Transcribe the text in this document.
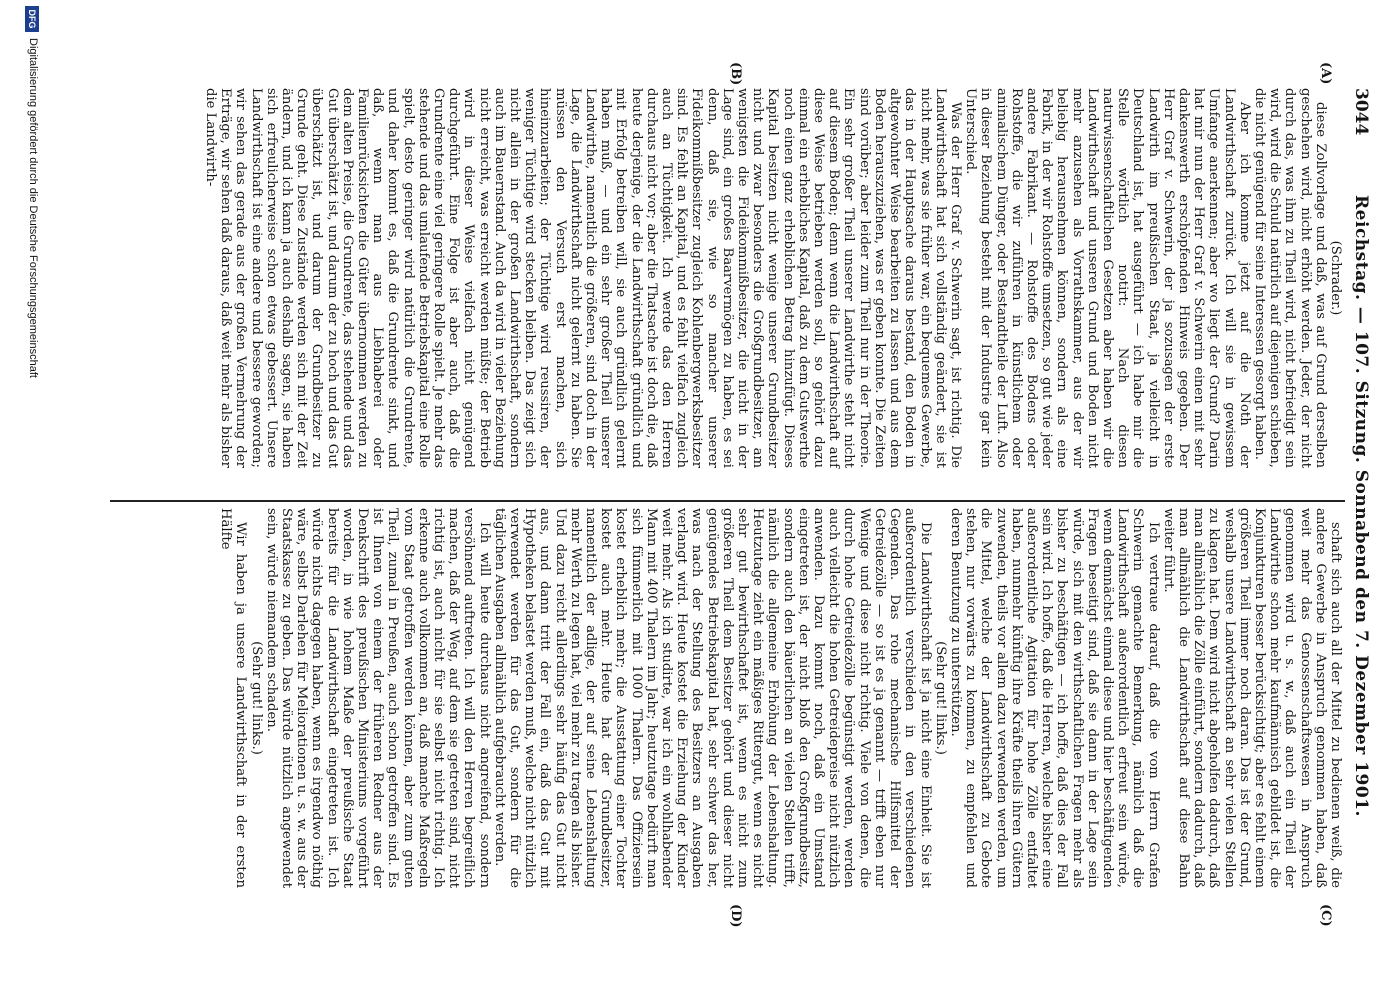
3044
Reichstag. — 107. Sitzung. Sonnabend den 7. Dezember 1901.

(Schrader.)

diese Zollvorlage und daß, was auf Grund derselben geschehen wird, nicht erhöht werden. Jeder, der nicht durch das, was ihm zu Theil wird, nicht befriedigt sein wird, wird die Schuld natürlich auf diejenigen schieben, die nicht genügend für seine Interessen gesorgt haben.

Aber ich komme jetzt auf die Noth der Landwirthschaft zurück. Ich will sie in gewissem Umfange anerkennen; aber wo liegt der Grund? Darin hat mir nun der Herr Graf v. Schwerin einen mit sehr dankenswerth erschöpfenden Hinweis gegeben. Der Herr Graf v. Schwerin, der ja sozusagen der erste Landwirth im preußischen Staat, ja vielleicht in Deutschland ist, hat ausgeführt — ich habe mir die Stelle wörtlich notirt: Nach diesen naturwissenschaftlichen Gesetzen aber haben wir die Landwirthschaft und unseren Grund und Boden nicht mehr anzusehen als Vorrathskammer, aus der wir beliebig herausnehmen können, sondern als eine Fabrik, in der wir Rohstoffe umsetzen, so gut wie jeder andere Fabrikant. — Rohstoffe des Bodens oder Rohstoffe, die wir zuführen in künstlichem oder animalischem Dünger, oder Bestandtheile der Luft. Also in dieser Beziehung besteht mit der Industrie gar kein Unterschied.

Was der Herr Graf v. Schwerin sagt, ist richtig. Die Landwirthschaft hat sich vollständig geändert, sie ist nicht mehr, was sie früher war, ein bequemes Gewerbe, das in der Hauptsache daraus bestand, den Boden in altgewohnter Weise bearbeiten zu lassen und aus dem Boden herauszuziehen, was er geben konnte. Die Zeiten sind vorüber; aber leider zum Theil nur in der Theorie. Ein sehr großer Theil unserer Landwirthe steht nicht auf diesem Boden; denn wenn die Landwirthschaft auf diese Weise betrieben werden soll, so gehört dazu einmal ein erhebliches Kapital, daß zu dem Gutswerthe noch einen ganz erheblichen Betrag hinzufügt. Dieses Kapital besitzen nicht wenige unserer Grundbesitzer nicht und zwar besonders die Großgrundbesitzer, am wenigsten die Fideikommißbesitzer, die nicht in der Lage sind, ein großes Baarvermögen zu haben, es sei denn, daß sie, wie so mancher unserer Fideikommißbesitzer zugleich Kohlenbergwerksbesitzer sind. Es fehlt an Kapital, und es fehlt vielfach zugleich auch an Tüchtigkeit. Ich werde das den Herren durchaus nicht vor; aber die Thatsache ist doch die, daß heute derjenige, der die Landwirthschaft gründlich und mit Erfolg betreiben will, sie auch gründlich gelernt haben muß, — und ein sehr großer Theil unserer Landwirthe, namentlich die größeren, sind doch in der Lage, die Landwirthschaft nicht gelernt zu haben. Sie müssen den Versuch erst machen, sich hineinzuarbeiten; der Tüchtige wird reussiren, der weniger Tüchtige wird stecken bleiben. Das zeigt sich nicht allein in der großen Landwirthschaft, sondern auch im Bauernstand. Auch da wird in vieler Beziehung nicht erreicht, was erreicht werden müßte; der Betrieb wird in dieser Weise vielfach nicht genügend durchgeführt. Eine Folge ist aber auch, daß die Grundrente eine viel geringere Rolle spielt. Je mehr das stehende und das umlaufende Betriebskapital eine Rolle spielt, desto geringer wird natürlich die Grundrente, und daher kommt es, daß die Grundrente sinkt, und daß, wenn man aus Liebhaberei oder Familienrücksichten die Güter übernommen werden zu dem alten Preise, die Grundrente, das stehende und das Gut überschätzt ist, und darum der zu hoch und das Gut überschätzt ist, und darum der Grundbesitzer zu Grunde geht. Diese Zustände werden sich mit der Zeit ändern, und ich kann ja auch deshalb sagen, sie haben sich erfreulicherweise schon etwas gebessert. Unsere Landwirthschaft ist eine andere und bessere geworden; wir sehen das gerade aus der großen Vermehrung der Erträge, wir sehen daß daraus, daß weit mehr als bisher die Landwirth-

schaft sich auch all der Mittel zu bedienen weiß, die andere Gewerbe in Anspruch genommen haben, daß weit mehr das Genossenschaftswesen in Anspruch genommen wird u. s. w., daß auch ein Theil der Landwirthe schon mehr kaufmännisch gebildet ist, die Konjunkturen besser berücksichtigt; aber es fehlt einem größeren Theil immer noch daran. Das ist der Grund, weshalb unsere Landwirthschaft an sehr vielen Stellen zu klagen hat. Dem wird nicht abgeholfen dadurch, daß man allmählich die Zölle einführt, sondern dadurch, daß man allmählich die Landwirthschaft auf diese Bahn weiter führt.

Ich vertraue darauf, daß die vom Herrn Grafen Schwerin gemachte Bemerkung, nämlich daß die Landwirthschaft außerordentlich erfreut sein würde, wenn demnächst einmal diese und hier beschäftigenden Fragen beseitigt sind, daß sie dann in der Lage sein würde, sich mit den wirthschaftlichen Fragen mehr als bisher zu beschäftigen — ich hoffe, daß dies der Fall sein wird. Ich hoffe, daß die Herren, welche bisher eine außerordentliche Agitation für hohe Zölle entfaltet haben, nunmehr künftig ihre Kräfte theils ihren Gütern zuwenden, theils vor allem dazu verwenden werden, um die Mittel, welche der Landwirthschaft zu Gebote stehen, nur vorwärts zu kommen, zu empfehlen und deren Benutzung zu unterstützen.

(Sehr gut! links.)

Die Landwirthschaft ist ja nicht eine Einheit. Sie ist außerordentlich verschieden in den verschiedenen Gegenden. Das rohe mechanische Hilfsmittel der Getreidezölle — so ist es ja genannt — trifft eben nur Wenige und diese nicht richtig. Viele von denen, die durch hohe Getreidezölle begünstigt werden, werden auch vielleicht die hohen Getreidepreise nicht nützlich anwenden. Dazu kommt noch, daß ein Umstand eingetreten ist, der nicht bloß den Großgrundbesitz, sondern auch den bäuerlichen an vielen Stellen trifft, nämlich die allgemeine Erhöhung der Lebenshaltung. Heutzutage zieht ein mäßiges Rittergut, wenn es nicht sehr gut bewirthschaftet ist, wenn es nicht zum größeren Theil dem Besitzer gehört und dieser nicht genügendes Betriebskapital hat, sehr schwer das her, was nach der Stellung des Besitzers an Ausgaben verlangt wird. Heute kostet die Erziehung der Kinder weit mehr. Als ich studirte, war ich ein wohlhabender Mann mit 400 Thalern im Jahr; heutzutage bedürft man sich fümmerlich mit 1000 Thalern. Das Offiziersein kostet erheblich mehr; die Ausstattung einer Tochter kostet auch mehr. Heute hat der Grundbesitzer, namentlich der adlige, der auf seine Lebenshaltung mehr Werth zu legen hat, viel mehr zu tragen als bisher. Und dazu reicht allerdings sehr häufig das Gut nicht aus, und dann tritt der Fall ein, daß das Gut mit Hypotheken belastet werden muß, welche nicht nützlich verwendet werden für das Gut, sondern für die täglichen Ausgaben allmählich aufgebraucht werden.

Ich will heute durchaus nicht angreifend, sondern versöhnend auftreten. Ich will den Herren begreiflich machen, daß der Weg, auf dem sie getreten sind, nicht richtig ist, auch nicht für sie selbst nicht richtig. Ich erkenne auch vollkommen an, daß manche Maßregeln vom Staat getroffen werden können, aber zum guten Theil, zumal in Preußen, auch schon getroffen sind. Es ist Ihnen von einem der früheren Redner aus der Denkschrift des preußischen Ministeriums vorgeführt worden, in wie hohem Maße der preußische Staat bereits für die Landwirthschaft eingetreten ist. Ich würde nichts dagegen haben, wenn es irgendwo nöthig wäre, selbst Darlehen für Meliorationen u. s. w. aus der Staatskasse zu geben. Das würde nützlich angewendet sein, würde niemandem schaden.

(Sehr gut! links.)

Wir haben ja unsere Landwirthschaft in der ersten Hälfte

(A)
(B)
(C)
(D)
DFG
Digitalisierung gefördert durch die Deutsche Forschungsgemeinschaft
